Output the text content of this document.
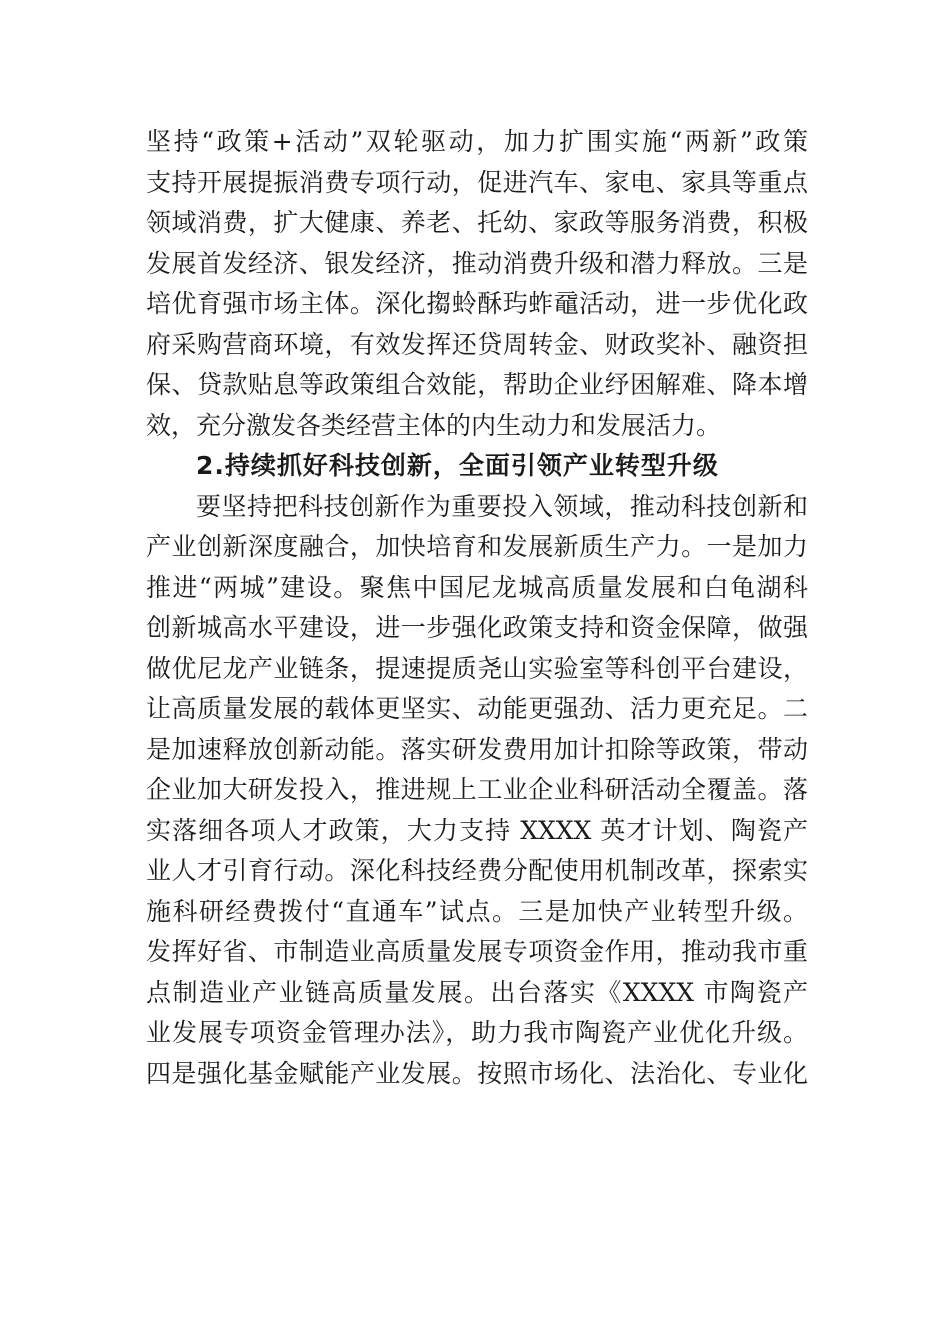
坚持“政策+活动”双轮驱动，加力扩围实施“两新”政策
支持开展提振消费专项行动，促进汽车、家电、家具等重点
领域消费，扩大健康、养老、托幼、家政等服务消费，积极
发展首发经济、银发经济，推动消费升级和潜力释放。三是
培优育强市场主体。深化搊蛉酥玙蚱黿活动，进一步优化政
府采购营商环境，有效发挥还贷周转金、财政奖补、融资担
保、贷款贴息等政策组合效能，帮助企业纾困解难、降本增
效，充分激发各类经营主体的内生动力和发展活力。
2.持续抓好科技创新，全面引领产业转型升级
要坚持把科技创新作为重要投入领域，推动科技创新和
产业创新深度融合，加快培育和发展新质生产力。一是加力
推进“两城”建设。聚焦中国尼龙城高质量发展和白龟湖科
创新城高水平建设，进一步强化政策支持和资金保障，做强
做优尼龙产业链条，提速提质尧山实验室等科创平台建设，
让高质量发展的载体更坚实、动能更强劲、活力更充足。二
是加速释放创新动能。落实研发费用加计扣除等政策，带动
企业加大研发投入，推进规上工业企业科研活动全覆盖。落
实落细各项人才政策，大力支持 XXXX 英才计划、陶瓷产
业人才引育行动。深化科技经费分配使用机制改革，探索实
施科研经费拨付“直通车”试点。三是加快产业转型升级。
发挥好省、市制造业高质量发展专项资金作用，推动我市重
点制造业产业链高质量发展。出台落实《XXXX 市陶瓷产
业发展专项资金管理办法》，助力我市陶瓷产业优化升级。
四是强化基金赋能产业发展。按照市场化、法治化、专业化
